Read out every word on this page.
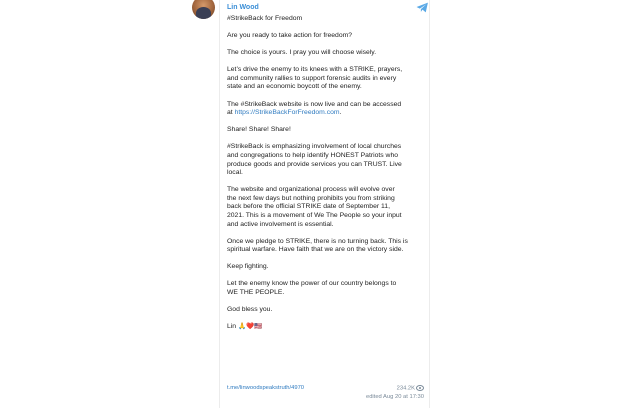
Lin Wood
#StrikeBack for Freedom
Are you ready to take action for freedom?
The choice is yours. I pray you will choose wisely.
Let’s drive the enemy to its knees with a STRIKE, prayers,
and community rallies to support forensic audits in every
state and an economic boycott of the enemy.
The #StrikeBack website is now live and can be accessed
at https://StrikeBackForFreedom.com.
Share! Share! Share!
#StrikeBack is emphasizing involvement of local churches
and congregations to help identify HONEST Patriots who
produce goods and provide services you can TRUST. Live
local.
The website and organizational process will evolve over
the next few days but nothing prohibits you from striking
back before the official STRIKE date of September 11,
2021. This is a movement of We The People so your input
and active involvement is essential.
Once we pledge to STRIKE, there is no turning back. This is
spiritual warfare. Have faith that we are on the victory side.
Keep fighting.
Let the enemy know the power of our country belongs to
WE THE PEOPLE.
God bless you.
Lin 🙏❤️🇺🇸
t.me/linwoodspeakstruth/4970	234.2K
edited Aug 20 at 17:30
